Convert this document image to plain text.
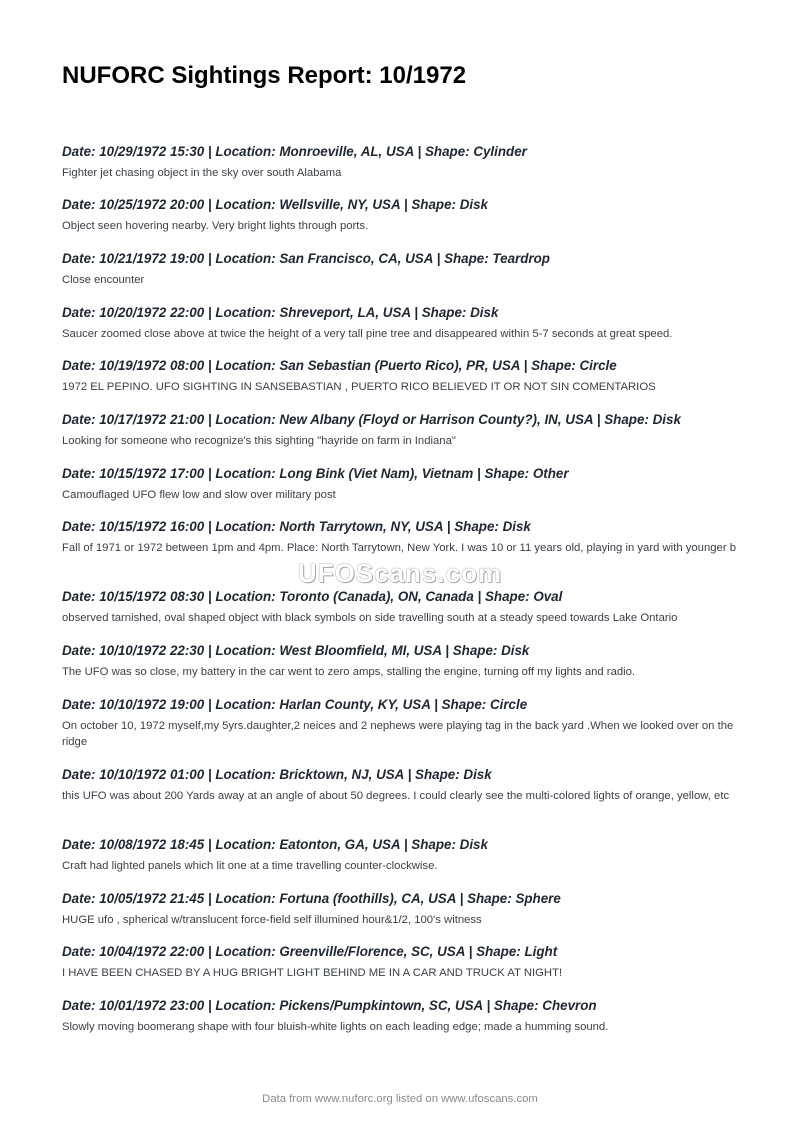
NUFORC Sightings Report: 10/1972
Date: 10/29/1972 15:30 | Location: Monroeville, AL, USA | Shape: Cylinder
Fighter jet chasing object in the sky over south Alabama
Date: 10/25/1972 20:00 | Location: Wellsville, NY, USA | Shape: Disk
Object seen hovering nearby. Very bright lights through ports.
Date: 10/21/1972 19:00 | Location: San Francisco, CA, USA | Shape: Teardrop
Close encounter
Date: 10/20/1972 22:00 | Location: Shreveport, LA, USA | Shape: Disk
Saucer zoomed close above at twice the height of a very tall pine tree and disappeared within 5-7 seconds at great speed.
Date: 10/19/1972 08:00 | Location: San Sebastian (Puerto Rico), PR, USA | Shape: Circle
1972 EL PEPINO. UFO SIGHTING IN SANSEBASTIAN , PUERTO RICO BELIEVED IT OR NOT SIN COMENTARIOS
Date: 10/17/1972 21:00 | Location: New Albany (Floyd or Harrison County?), IN, USA | Shape: Disk
Looking for someone who recognize's this sighting "hayride on farm in Indiana"
Date: 10/15/1972 17:00 | Location: Long Bink (Viet Nam), Vietnam | Shape: Other
Camouflaged UFO flew low and slow over military post
Date: 10/15/1972 16:00 | Location: North Tarrytown, NY, USA | Shape: Disk
Fall of 1971 or 1972 between 1pm and 4pm. Place: North Tarrytown, New York. I was 10 or 11 years old, playing in yard with younger b
Date: 10/15/1972 08:30 | Location: Toronto (Canada), ON, Canada | Shape: Oval
observed tarnished, oval shaped object with black symbols on side travelling south at a steady speed towards Lake Ontario
Date: 10/10/1972 22:30 | Location: West Bloomfield, MI, USA | Shape: Disk
The UFO was so close, my battery in the car went to zero amps, stalling the engine, turning off my lights and radio.
Date: 10/10/1972 19:00 | Location: Harlan County, KY, USA | Shape: Circle
On october 10, 1972 myself,my 5yrs.daughter,2 neices and 2 nephews were playing tag in the back yard .When we looked over on the ridge
Date: 10/10/1972 01:00 | Location: Bricktown, NJ, USA | Shape: Disk
this UFO was about 200 Yards away at an angle of about 50 degrees. I could clearly see the multi-colored lights of orange, yellow, etc
Date: 10/08/1972 18:45 | Location: Eatonton, GA, USA | Shape: Disk
Craft had lighted panels which lit one at a time travelling counter-clockwise.
Date: 10/05/1972 21:45 | Location: Fortuna (foothills), CA, USA | Shape: Sphere
HUGE ufo , spherical w/translucent force-field self illumined hour&1/2, 100's witness
Date: 10/04/1972 22:00 | Location: Greenville/Florence, SC, USA | Shape: Light
I HAVE BEEN CHASED BY A HUG BRIGHT LIGHT BEHIND ME IN A CAR AND TRUCK AT NIGHT!
Date: 10/01/1972 23:00 | Location: Pickens/Pumpkintown, SC, USA | Shape: Chevron
Slowly moving boomerang shape with four bluish-white lights on each leading edge; made a humming sound.
UFOScans.com
Data from www.nuforc.org listed on www.ufoscans.com
